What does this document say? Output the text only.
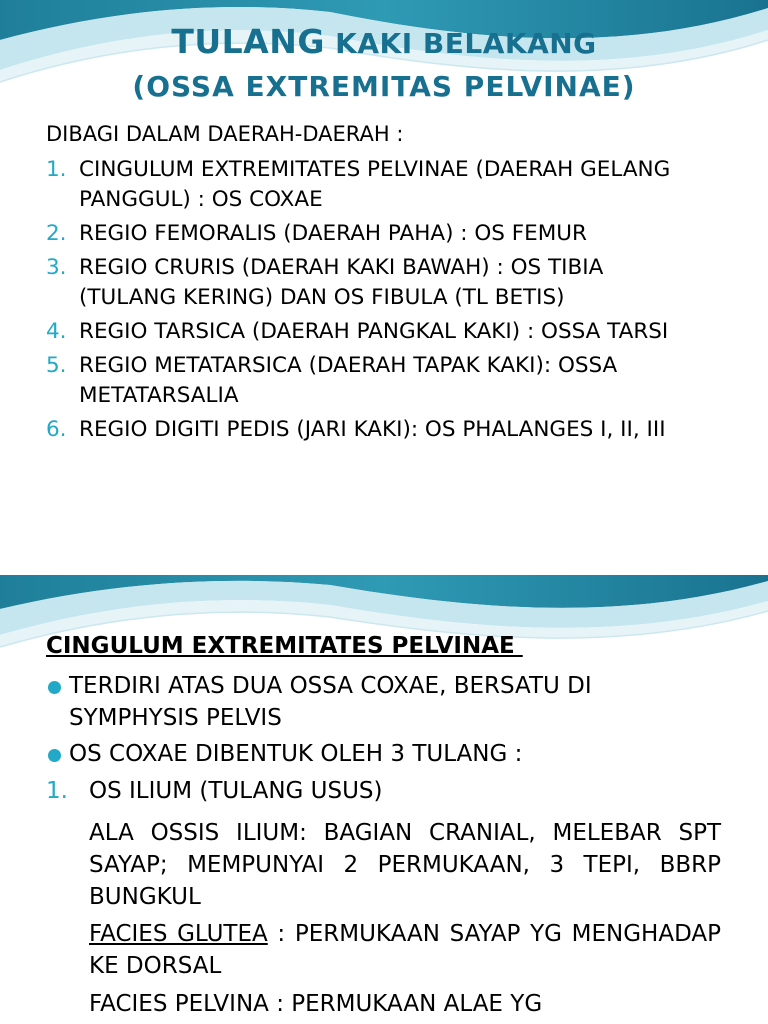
TULANG KAKI BELAKANG
(OSSA EXTREMITAS PELVINAE)
DIBAGI DALAM DAERAH-DAERAH :
1. CINGULUM EXTREMITATES PELVINAE (DAERAH GELANG PANGGUL) : OS COXAE
2. REGIO FEMORALIS (DAERAH PAHA) : OS FEMUR
3. REGIO CRURIS (DAERAH KAKI BAWAH) : OS TIBIA (TULANG KERING) DAN OS FIBULA (TL BETIS)
4. REGIO TARSICA (DAERAH PANGKAL KAKI) : OSSA TARSI
5. REGIO METATARSICA (DAERAH TAPAK KAKI): OSSA METATARSALIA
6. REGIO DIGITI PEDIS (JARI KAKI): OS PHALANGES I, II, III
CINGULUM EXTREMITATES PELVINAE
TERDIRI ATAS DUA OSSA COXAE, BERSATU DI SYMPHYSIS PELVIS
OS COXAE DIBENTUK OLEH 3 TULANG :
1. OS ILIUM (TULANG USUS)
ALA OSSIS ILIUM: BAGIAN CRANIAL, MELEBAR SPT SAYAP; MEMPUNYAI 2 PERMUKAAN, 3 TEPI, BBRP BUNGKUL
FACIES GLUTEA : PERMUKAAN SAYAP YG MENGHADAP KE DORSAL
FACIES PELVINA : PERMUKAAN ALAE YG
